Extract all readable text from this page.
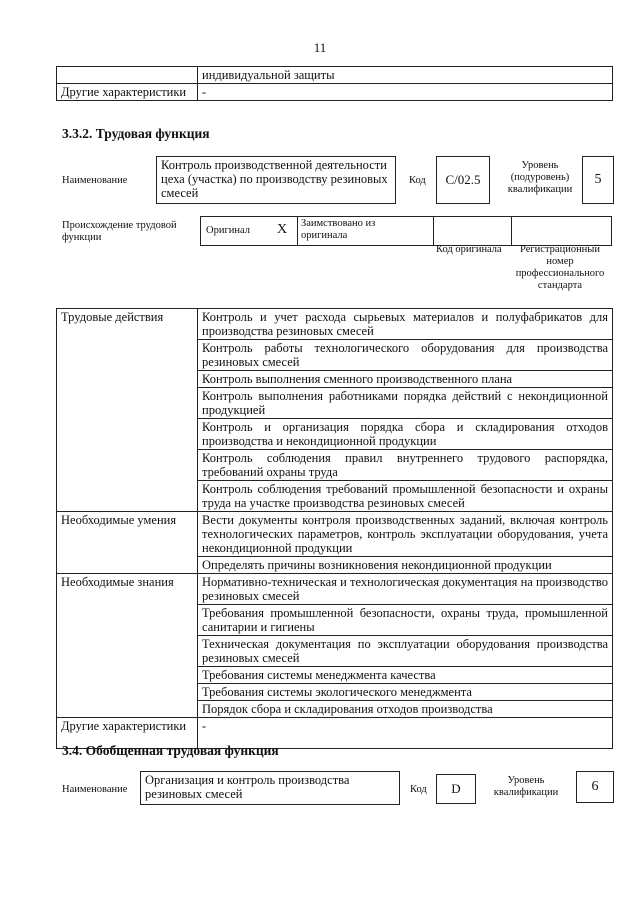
11
	индивидуальной защиты
Другие характеристики	-
3.3.2. Трудовая функция
Наименование
Контроль производственной деятельности цеха (участка) по производству резиновых смесей
Код	C/02.5
Уровень (подуровень) квалификации
5
Происхождение трудовой функции
Оригинал X Заимствовано из оригинала
Код оригинала	Регистрационный номер профессионального стандарта
Трудовые действия	Контроль и учет расхода сырьевых материалов и полуфабрикатов для производства резиновых смесей
	Контроль работы технологического оборудования для производства резиновых смесей
	Контроль выполнения сменного производственного плана
	Контроль выполнения работниками порядка действий с некондиционной продукцией
	Контроль и организация порядка сбора и складирования отходов производства и некондиционной продукции
	Контроль соблюдения правил внутреннего трудового распорядка, требований охраны труда
	Контроль соблюдения требований промышленной безопасности и охраны труда на участке производства резиновых смесей
Необходимые умения	Вести документы контроля производственных заданий, включая контроль технологических параметров, контроль эксплуатации оборудования, учета некондиционной продукции
	Определять причины возникновения некондиционной продукции
Необходимые знания	Нормативно-техническая и технологическая документация на производство резиновых смесей
	Требования промышленной безопасности, охраны труда, промышленной санитарии и гигиены
	Техническая документация по эксплуатации оборудования производства резиновых смесей
	Требования системы менеджмента качества
	Требования системы экологического менеджмента
	Порядок сбора и складирования отходов производства
Другие характеристики	-
3.4. Обобщенная трудовая функция
Наименование
Организация и контроль производства резиновых смесей	Код	D
Уровень квалификации	6
